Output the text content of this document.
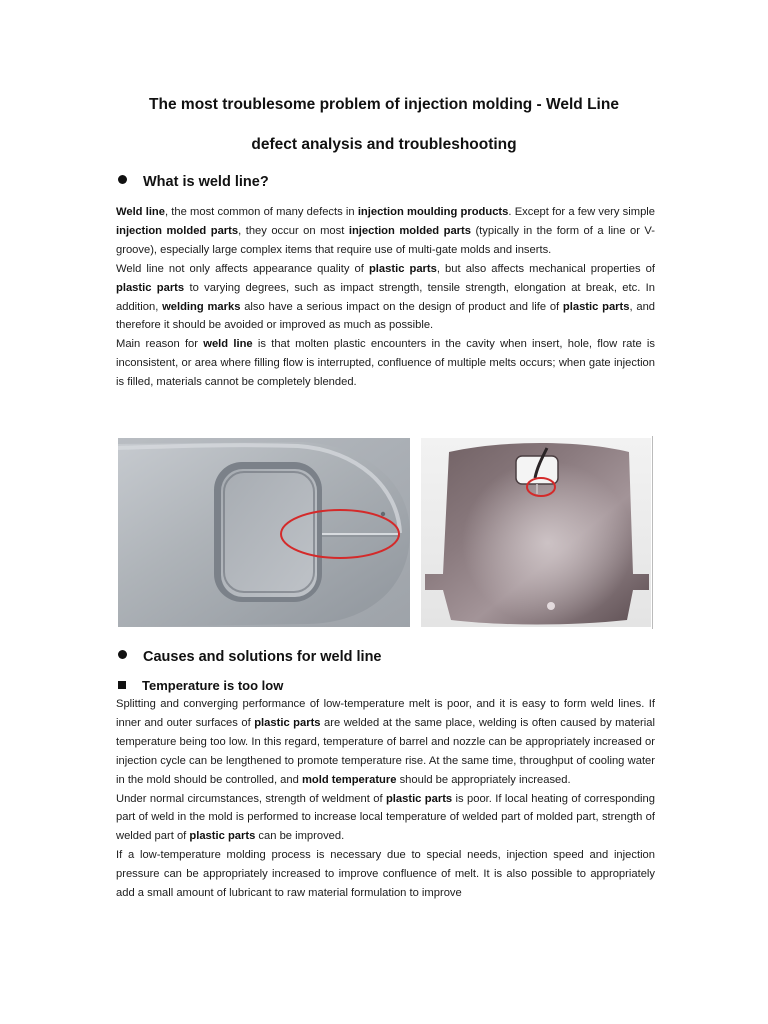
The most troublesome problem of injection molding - Weld Line
defect analysis and troubleshooting
What is weld line?

Weld line, the most common of many defects in injection moulding products. Except for a few very simple injection molded parts, they occur on most injection molded parts (typically in the form of a line or V-groove), especially large complex items that require use of multi-gate molds and inserts.

Weld line not only affects appearance quality of plastic parts, but also affects mechanical properties of plastic parts to varying degrees, such as impact strength, tensile strength, elongation at break, etc. In addition, welding marks also have a serious impact on the design of product and life of plastic parts, and therefore it should be avoided or improved as much as possible.

Main reason for weld line is that molten plastic encounters in the cavity when insert, hole, flow rate is inconsistent, or area where filling flow is interrupted, confluence of multiple melts occurs; when gate injection is filled, materials cannot be completely blended.

Causes and solutions for weld line
Temperature is too low

Splitting and converging performance of low-temperature melt is poor, and it is easy to form weld lines. If inner and outer surfaces of plastic parts are welded at the same place, welding is often caused by material temperature being too low. In this regard, temperature of barrel and nozzle can be appropriately increased or injection cycle can be lengthened to promote temperature rise. At the same time, throughput of cooling water in the mold should be controlled, and mold temperature should be appropriately increased.

Under normal circumstances, strength of weldment of plastic parts is poor. If local heating of corresponding part of weld in the mold is performed to increase local temperature of welded part of molded part, strength of welded part of plastic parts can be improved.

If a low-temperature molding process is necessary due to special needs, injection speed and injection pressure can be appropriately increased to improve confluence of melt. It is also possible to appropriately add a small amount of lubricant to raw material formulation to improve
